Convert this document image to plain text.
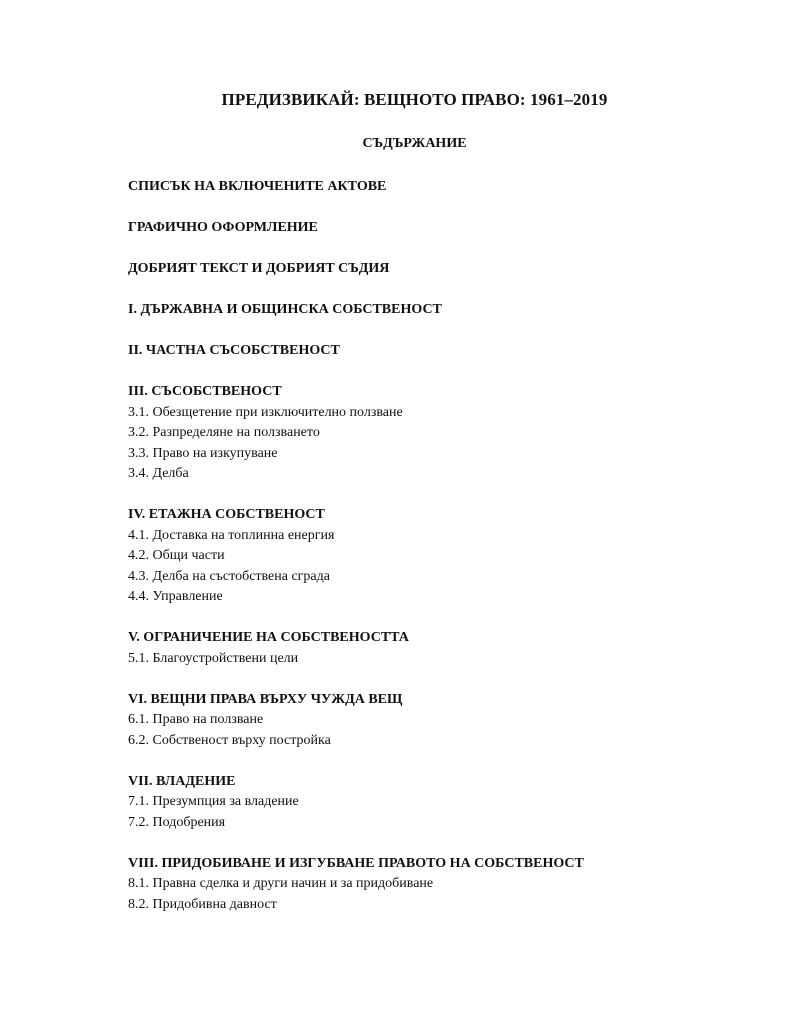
ПРЕДИЗВИКАЙ: ВЕЩНОТО ПРАВО: 1961–2019
СЪДЪРЖАНИЕ
СПИСЪК НА ВКЛЮЧЕНИТЕ АКТОВЕ
ГРАФИЧНО ОФОРМЛЕНИЕ
ДОБРИЯТ ТЕКСТ И ДОБРИЯТ СЪДИЯ
I. ДЪРЖАВНА И ОБЩИНСКА СОБСТВЕНОСТ
II. ЧАСТНА СЪСОБСТВЕНОСТ
III. СЪСОБСТВЕНОСТ
3.1. Обезщетение при изключително ползване
3.2. Разпределяне на ползването
3.3. Право на изкупуване
3.4. Делба
IV. ЕТАЖНА СОБСТВЕНОСТ
4.1. Доставка на топлинна енергия
4.2. Общи части
4.3. Делба на състобствена сграда
4.4. Управление
V. ОГРАНИЧЕНИЕ НА СОБСТВЕНОСТТА
5.1. Благоустройствени цели
VI. ВЕЩНИ ПРАВА ВЪРХУ ЧУЖДА ВЕЩ
6.1. Право на ползване
6.2. Собственост върху постройка
VII. ВЛАДЕНИЕ
7.1. Презумпция за владение
7.2. Подобрения
VIII. ПРИДОБИВАНЕ И ИЗГУБВАНЕ ПРАВОТО НА СОБСТВЕНОСТ
8.1. Правна сделка и други начин и за придобиване
8.2. Придобивна давност
